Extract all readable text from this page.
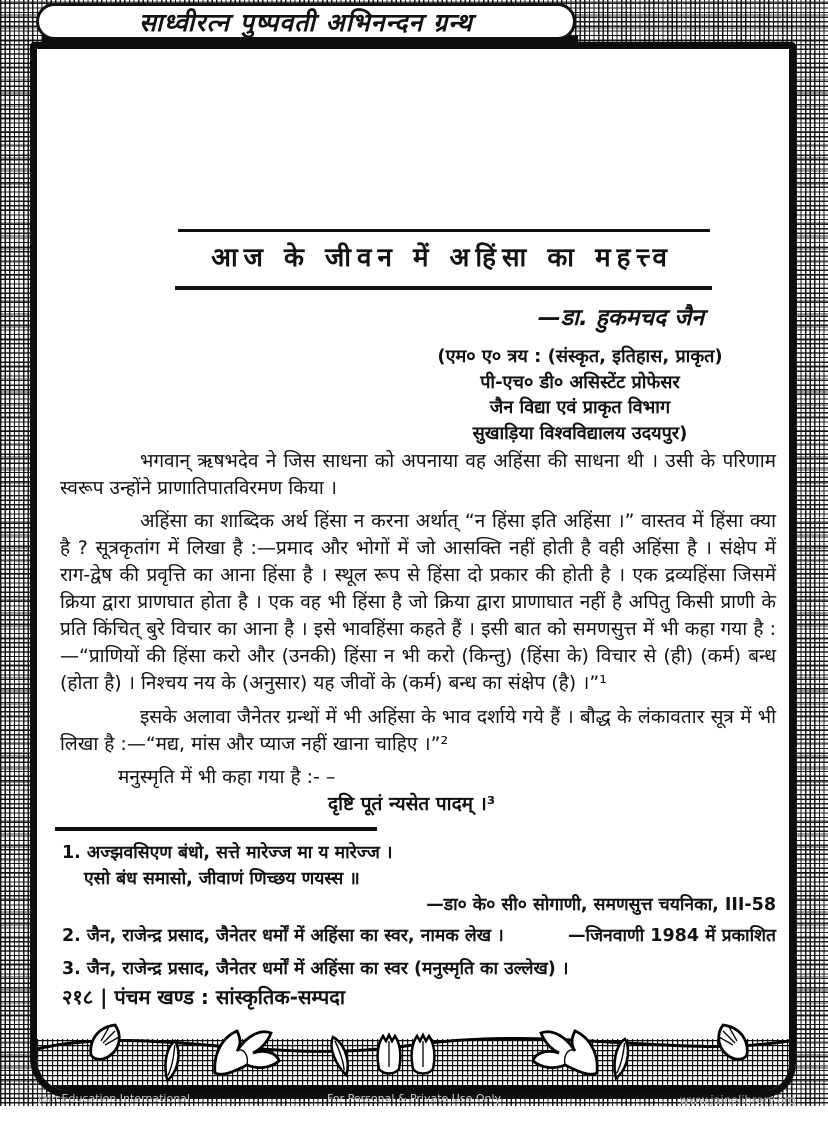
साध्वीरत्न पुष्पवती अभिनन्दन ग्रन्थ
आज के जीवन में अहिंसा का महत्त्व
—डा. हुकमचद जैन
(एम० ए० त्रय : (संस्कृत, इतिहास, प्राकृत)
पी-एच० डी० असिस्टेंट प्रोफेसर
जैन विद्या एवं प्राकृत विभाग
सुखाड़िया विश्वविद्यालय उदयपुर)

भगवान् ऋषभदेव ने जिस साधना को अपनाया वह अहिंसा की साधना थी । उसी के परिणाम स्वरूप उन्होंने प्राणातिपातविरमण किया ।

अहिंसा का शाब्दिक अर्थ हिंसा न करना अर्थात् “न हिंसा इति अहिंसा ।” वास्तव में हिंसा क्या है ? सूत्रकृतांग में लिखा है :—प्रमाद और भोगों में जो आसक्ति नहीं होती है वही अहिंसा है । संक्षेप में राग-द्वेष की प्रवृत्ति का आना हिंसा है । स्थूल रूप से हिंसा दो प्रकार की होती है । एक द्रव्यहिंसा जिसमें क्रिया द्वारा प्राणघात होता है । एक वह भी हिंसा है जो क्रिया द्वारा प्राणाघात नहीं है अपितु किसी प्राणी के प्रति किंचित् बुरे विचार का आना है । इसे भावहिंसा कहते हैं । इसी बात को समणसुत्त में भी कहा गया है :—“प्राणियों की हिंसा करो और (उनकी) हिंसा न भी करो (किन्तु) (हिंसा के) विचार से (ही) (कर्म) बन्ध (होता है) । निश्चय नय के (अनुसार) यह जीवों के (कर्म) बन्ध का संक्षेप (है) ।”¹

इसके अलावा जैनेतर ग्रन्थों में भी अहिंसा के भाव दर्शाये गये हैं । बौद्ध के लंकावतार सूत्र में भी लिखा है :—“मद्य, मांस और प्याज नहीं खाना चाहिए ।”²

मनुस्मृति में भी कहा गया है :- –

दृष्टि पूतं न्यसेत पादम् ।³
1. अज्झवसिएण बंधो, सत्ते मारेज्ज मा य मारेज्ज ।
एसो बंध समासो, जीवाणं णिच्छय णयस्स ॥
—डा० के० सी० सोगाणी, समणसुत्त चयनिका, III-58
2. जैन, राजेन्द्र प्रसाद, जैनेतर धर्मों में अहिंसा का स्वर, नामक लेख ।	—जिनवाणी 1984 में प्रकाशित
3. जैन, राजेन्द्र प्रसाद, जैनेतर धर्मों में अहिंसा का स्वर (मनुस्मृति का उल्लेख) ।
२१८ | पंचम खण्ड : सांस्कृतिक-सम्पदा
Jain Education International	For Personal & Private Use Only	www.jainelibrary.org
